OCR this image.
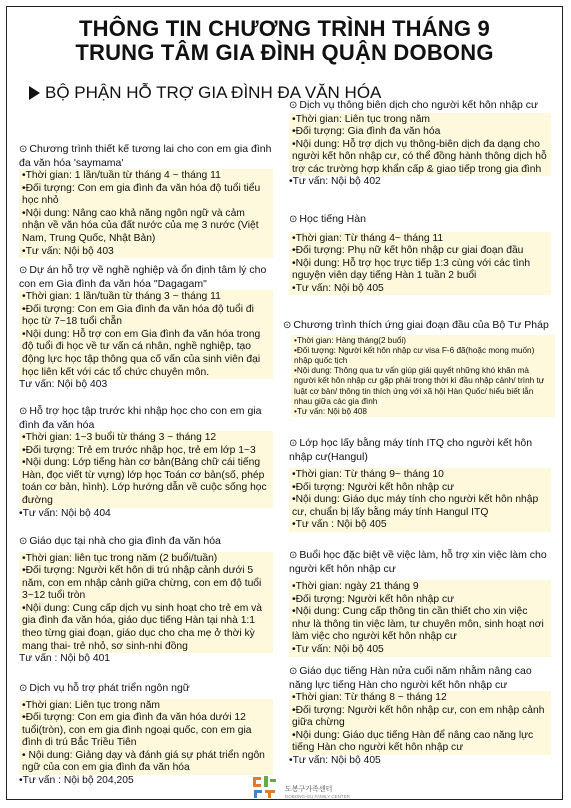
THÔNG TIN CHƯƠNG TRÌNH THÁNG 9
TRUNG TÂM GIA ĐÌNH QUẬN DOBONG
BỘ PHẬN HỖ TRỢ GIA ĐÌNH ĐA VĂN HÓA
⊙ Chương trình thiết kế tương lai cho con em gia đình đa văn hóa 'saymama'
•Thời gian: 1 lần/tuần từ tháng 4 ~ tháng 11
•Đối tượng: Con em gia đình đa văn hóa độ tuổi tiểu học nhỏ
•Nội dung: Nâng cao khả năng ngôn ngữ và cảm nhận về văn hóa của đất nước của mẹ 3 nước (Việt Nam, Trung Quốc, Nhật Bản)
•Tư vấn: Nội bộ 403
⊙ Dự án hỗ trợ về nghề nghiệp và ổn định tâm lý cho con em Gia đình đa văn hóa "Dagagam"
•Thời gian: 1 lần/tuần từ tháng 3 ~ tháng 11
•Đối tượng: Con em Gia đình đa văn hóa độ tuổi đi học từ 7~18 tuổi chẵn
•Nội dung: Hỗ trợ con em Gia đình đa văn hóa trong độ tuổi đi học về tư vấn cá nhân, nghề nghiệp, tạo động lực học tập thông qua cố vấn của sinh viên đại học liên kết với các tổ chức chuyên môn.
Tư vấn: Nội bộ 403
⊙ Hỗ trợ học tập trước khi nhập học cho con em gia đình đa văn hóa
•Thời gian: 1~3 buổi từ tháng 3 ~ tháng 12
•Đối tượng: Trẻ em trước nhập học, trẻ em lớp 1~3
•Nội dung: Lớp tiếng hàn cơ bản(Bảng chữ cái tiếng Hàn, đọc viết từ vựng) lớp học Toán cơ bản(số, phép toán cơ bản, hình). Lớp hướng dẫn về cuộc sống học đường
•Tư vấn: Nội bộ 404
⊙ Giáo dục tại nhà cho gia đình đa văn hóa
•Thời gian: liên tục trong năm (2 buổi/tuần)
•Đối tượng: Người kết hôn di trú nhập cảnh dưới 5 năm, con em nhập cảnh giữa chừng, con em độ tuổi 3~12 tuổi tròn
•Nội dung: Cung cấp dịch vụ sinh hoạt cho trẻ em và gia đình đa văn hóa, giáo dục tiếng Hàn tại nhà 1:1 theo từng giai đoạn, giáo dục cho cha mẹ ở thời kỳ mang thai- trẻ nhỏ, sơ sinh-nhi đồng
Tư vấn : Nội bộ 401
⊙ Dịch vụ hỗ trợ phát triển ngôn ngữ
•Thời gian: Liên tục trong năm
•Đối tượng: Con em gia đình đa văn hóa dưới 12 tuổi(tròn), con em gia đình ngoại quốc, con em gia đình di trú Bắc Triều Tiên
• Nội dung: Giảng dạy và đánh giá sự phát triển ngôn ngữ của con em gia đình đa văn hóa
•Tư vấn : Nội bộ 204,205
⊙ Dịch vụ thông biên dịch cho người kết hôn nhập cư
•Thời gian: Liên tục trong năm
•Đối tượng: Gia đình đa văn hóa
•Nội dung: Hỗ trợ dịch vụ thông-biên dịch đa dạng cho người kết hôn nhập cư, có thể đồng hành thông dịch hỗ trợ các trường hợp khẩn cấp & giao tiếp trong gia đình
•Tư vấn: Nội bộ 402
⊙ Học tiếng Hàn
•Thời gian: Từ tháng 4~ tháng 11
•Đối tượng: Phụ nữ kết hôn nhập cư giai đoạn đầu
•Nội dung: Hỗ trợ học trực tiếp 1:3 cùng với các tình nguyện viên dạy tiếng Hàn 1 tuần 2 buổi
•Tư vấn: Nội bộ 405
⊙ Chương trình thích ứng giai đoạn đầu của Bộ Tư Pháp
•Thời gian: Hàng tháng(2 buổi)
•Đối tượng: Người kết hôn nhập cư visa F-6 đã(hoặc mong muốn) nhập quốc tịch
•Nội dung: Thông qua tư vấn giúp giải quyết những khó khăn mà người kết hôn nhập cư gặp phải trong thời kì đầu nhập cảnh/ trình tự luật cơ bản/ thông tin thích ứng với xã hội Hàn Quốc/ hiểu biết lẫn nhau giữa các gia đình
•Tư vấn: Nội bộ 408
⊙ Lớp học lấy bằng máy tính ITQ cho người kết hôn nhập cư(Hangul)
•Thời gian: Từ tháng 9~ tháng 10
•Đối tượng: Người kết hôn nhập cư
•Nội dung: Giáo dục máy tính cho người kết hôn nhập cư, chuẩn bị lấy bằng máy tính Hangul ITQ
•Tư vấn : Nội bộ 405
⊙ Buổi học đặc biệt về việc làm, hỗ trợ xin việc làm cho người kết hôn nhập cư
•Thời gian: ngày 21 tháng 9
•Đối tượng: Người kết hôn nhập cư
•Nội dung: Cung cấp thông tin cần thiết cho xin việc như là thông tin việc làm, tư chuyên môn, sinh hoạt nơi làm việc cho người kết hôn nhập cư
•Tư vấn: Nội bộ 405
⊙ Giáo dục tiếng Hàn nửa cuối năm nhằm nâng cao năng lực tiếng Hàn cho người kết hôn nhập cư
•Thời gian: Từ tháng 8 ~ tháng 12
•Đối tượng: Người kết hôn nhập cư, con em nhập cảnh giữa chừng
•Nội dung: Giáo dục tiếng Hàn để nâng cao năng lực tiếng Hàn cho người kết hôn nhập cư
•Tư vấn: Nội bộ 405
도봉구가족센터
DOBONG-GU FAMILY CENTER
